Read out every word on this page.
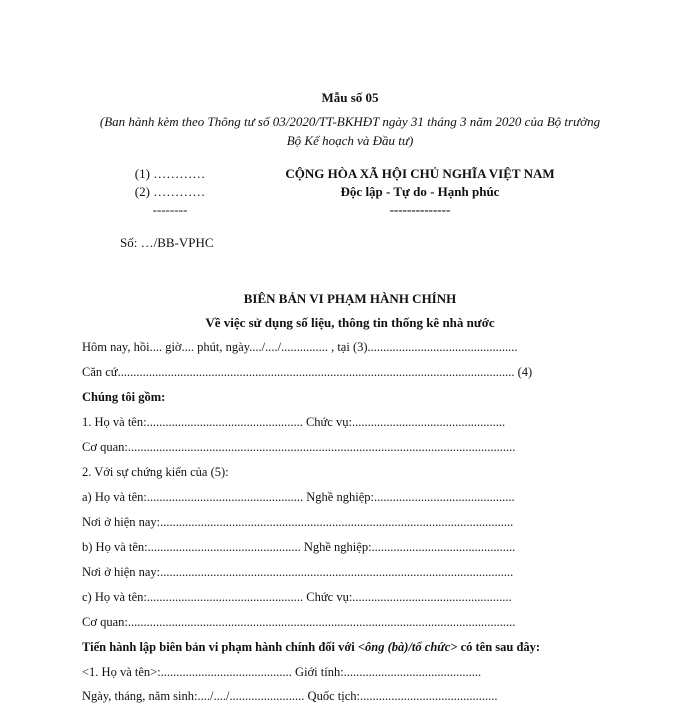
Mẫu số 05
(Ban hành kèm theo Thông tư số 03/2020/TT-BKHĐT ngày 31 tháng 3 năm 2020 của Bộ trưởng
Bộ Kế hoạch và Đầu tư)
(1) …………
(2) …………
--------
Số: …/BB-VPHC
CỘNG HÒA XÃ HỘI CHỦ NGHĨA VIỆT NAM
Độc lập - Tự do - Hạnh phúc
--------------
BIÊN BẢN VI PHẠM HÀNH CHÍNH
Về việc sử dụng số liệu, thông tin thống kê nhà nước
Hôm nay, hồi.... giờ.... phút, ngày..../..../............... , tại (3)................................................
Căn cứ............................................................................................................................... (4)
Chúng tôi gồm:
1. Họ và tên:.................................................. Chức vụ:.................................................
Cơ quan:............................................................................................................................
2. Với sự chứng kiến của (5):
a) Họ và tên:.................................................. Nghề nghiệp:.............................................
Nơi ở hiện nay:.................................................................................................................
b) Họ và tên:................................................. Nghề nghiệp:..............................................
Nơi ở hiện nay:.................................................................................................................
c) Họ và tên:.................................................. Chức vụ:...................................................
Cơ quan:............................................................................................................................
Tiến hành lập biên bản vi phạm hành chính đối với <ông (bà)/tổ chức> có tên sau đây:
<1. Họ và tên>:.......................................... Giới tính:............................................
Ngày, tháng, năm sinh:..../..../........................ Quốc tịch:............................................
